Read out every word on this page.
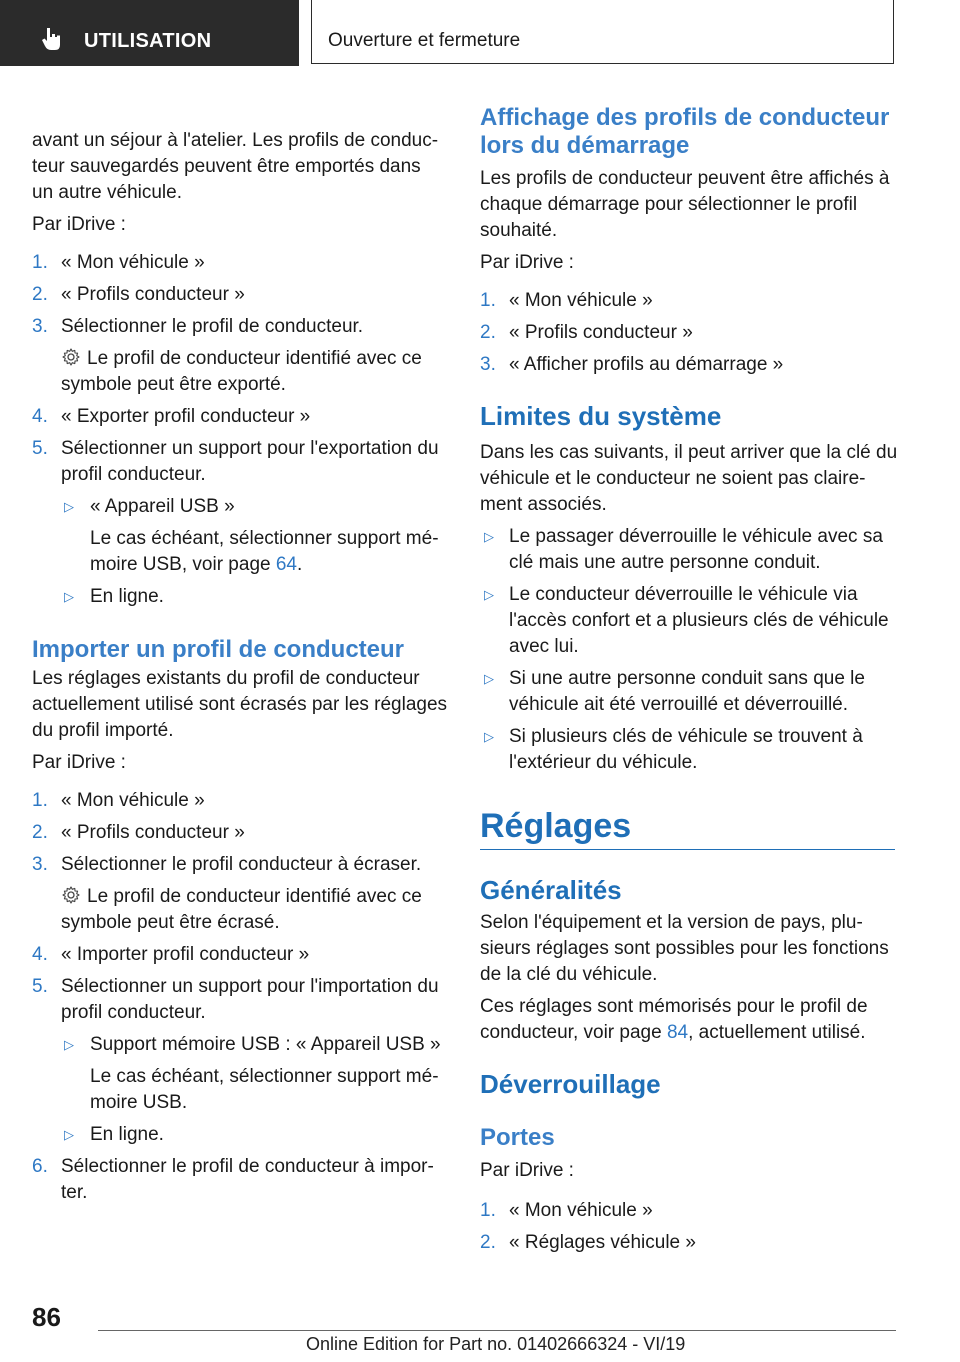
UTILISATION	Ouverture et fermeture

avant un séjour à l'atelier. Les profils de conduc-

teur sauvegardés peuvent être emportés dans

un autre véhicule.

Par iDrive :

1. « Mon véhicule »

2. « Profils conducteur »

3. Sélectionner le profil de conducteur.

Le profil de conducteur identifié avec ce

symbole peut être exporté.

4. « Exporter profil conducteur »

5. Sélectionner un support pour l'exportation du

profil conducteur.

▷ « Appareil USB »

Le cas échéant, sélectionner support mé-

moire USB, voir page 64.

▷ En ligne.

Importer un profil de conducteur

Les réglages existants du profil de conducteur

actuellement utilisé sont écrasés par les réglages

du profil importé.

Par iDrive :

1. « Mon véhicule »

2. « Profils conducteur »

3. Sélectionner le profil conducteur à écraser.

Le profil de conducteur identifié avec ce

symbole peut être écrasé.

4. « Importer profil conducteur »

5. Sélectionner un support pour l'importation du

profil conducteur.

▷ Support mémoire USB : « Appareil USB »

Le cas échéant, sélectionner support mé-

moire USB.

▷ En ligne.

6. Sélectionner le profil de conducteur à impor-

ter.

Affichage des profils de conducteur
lors du démarrage

Les profils de conducteur peuvent être affichés à

chaque démarrage pour sélectionner le profil

souhaité.

Par iDrive :

1. « Mon véhicule »

2. « Profils conducteur »

3. « Afficher profils au démarrage »

Limites du système

Dans les cas suivants, il peut arriver que la clé du

véhicule et le conducteur ne soient pas claire-

ment associés.

▷ Le passager déverrouille le véhicule avec sa

clé mais une autre personne conduit.

▷ Le conducteur déverrouille le véhicule via

l'accès confort et a plusieurs clés de véhicule

avec lui.

▷ Si une autre personne conduit sans que le

véhicule ait été verrouillé et déverrouillé.

▷ Si plusieurs clés de véhicule se trouvent à

l'extérieur du véhicule.

Réglages
Généralités

Selon l'équipement et la version de pays, plu-

sieurs réglages sont possibles pour les fonctions

de la clé du véhicule.

Ces réglages sont mémorisés pour le profil de

conducteur, voir page 84, actuellement utilisé.

Déverrouillage
Portes

Par iDrive :

1. « Mon véhicule »

2. « Réglages véhicule »

86
Online Edition for Part no. 01402666324 - VI/19
